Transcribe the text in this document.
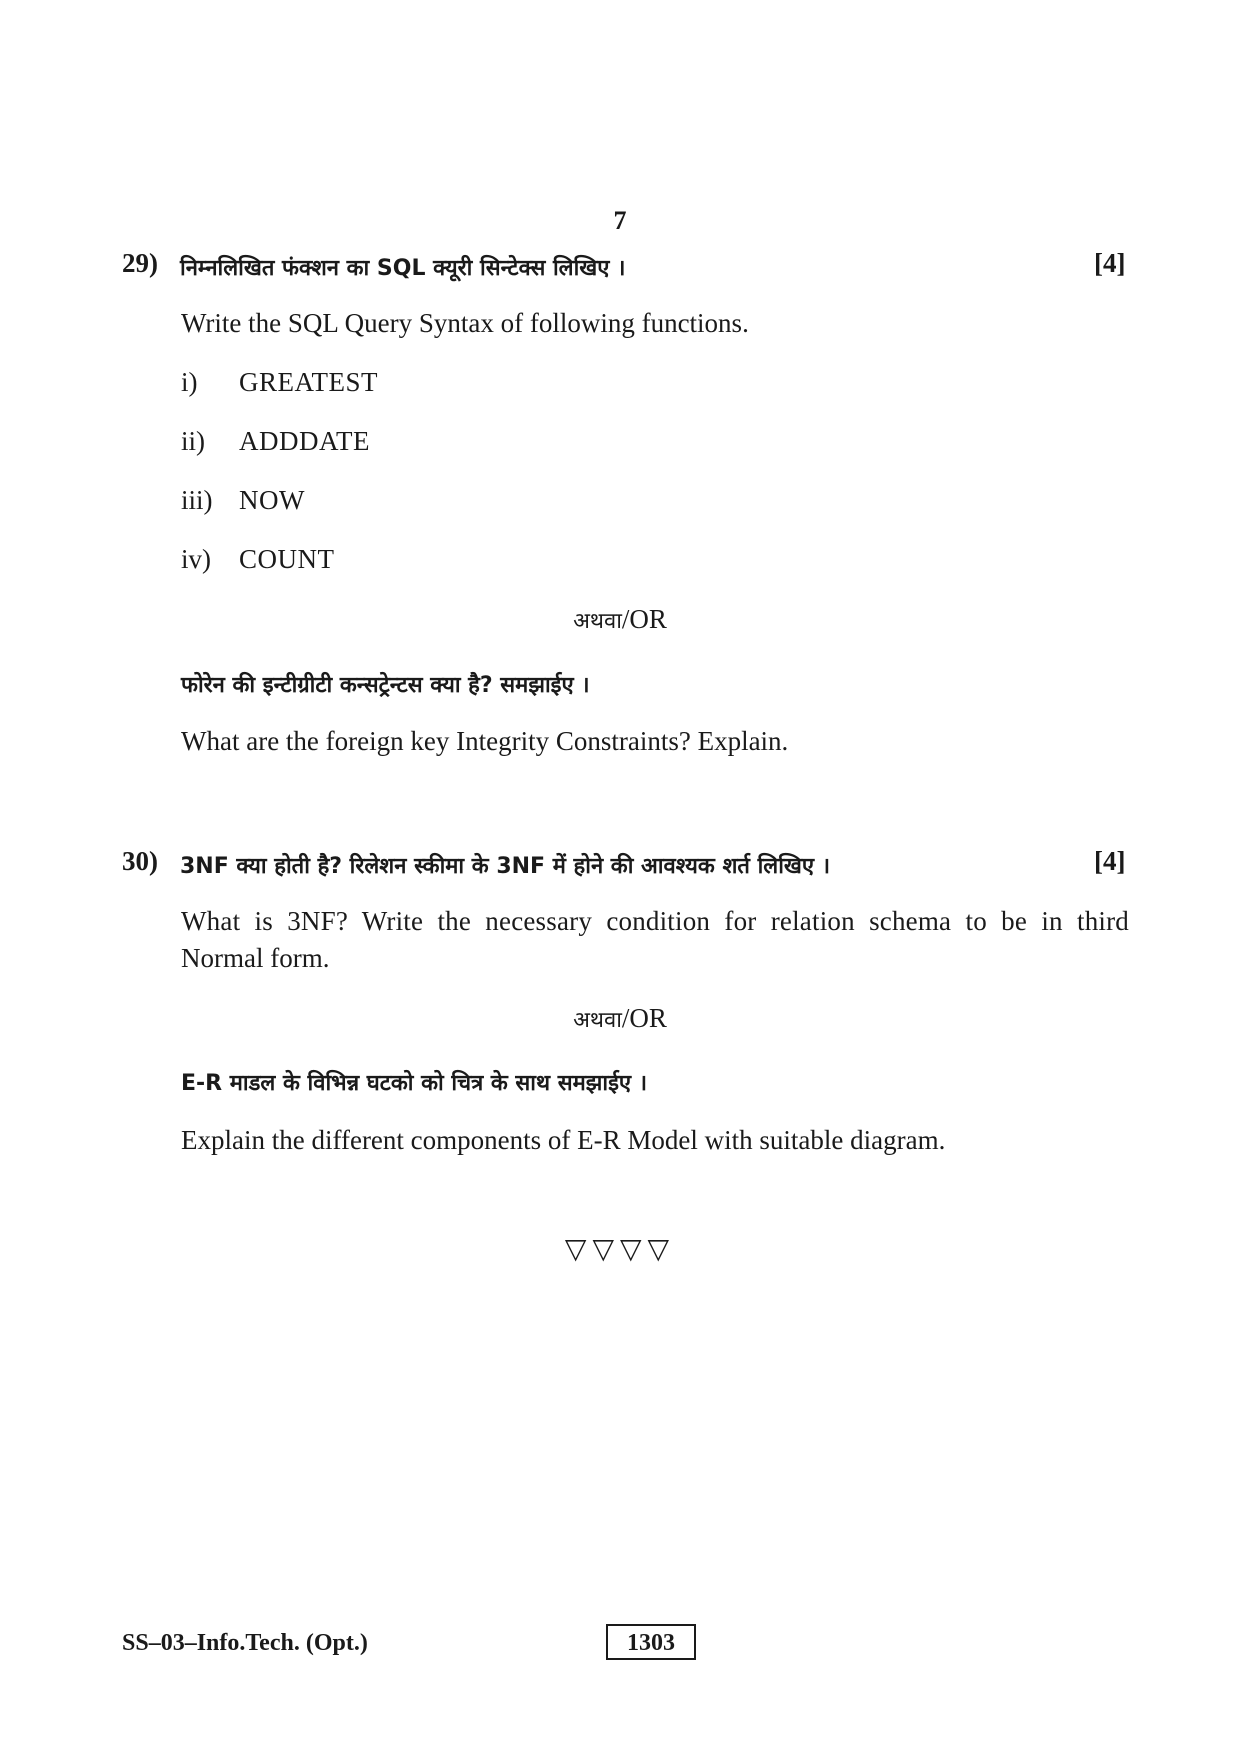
7
29) निम्नलिखित फंक्शन का SQL क्यूरी सिन्टेक्स लिखिए ।	[4]
Write the SQL Query Syntax of following functions.
i) GREATEST
ii) ADDDATE
iii) NOW
iv) COUNT
अथवा/OR
फोरेन की इन्टीग्रीटी कन्सट्रेन्टस क्या है? समझाईए ।
What are the foreign key Integrity Constraints? Explain.
30) 3NF क्या होती है? रिलेशन स्कीमा के 3NF में होने की आवश्यक शर्त लिखिए ।	[4]
What is 3NF? Write the necessary condition for relation schema to be in third
Normal form.
अथवा/OR
E-R माडल के विभिन्न घटको को चित्र के साथ समझाईए ।
Explain the different components of E-R Model with suitable diagram.
▽▽▽▽
SS–03–Info.Tech. (Opt.)	1303
